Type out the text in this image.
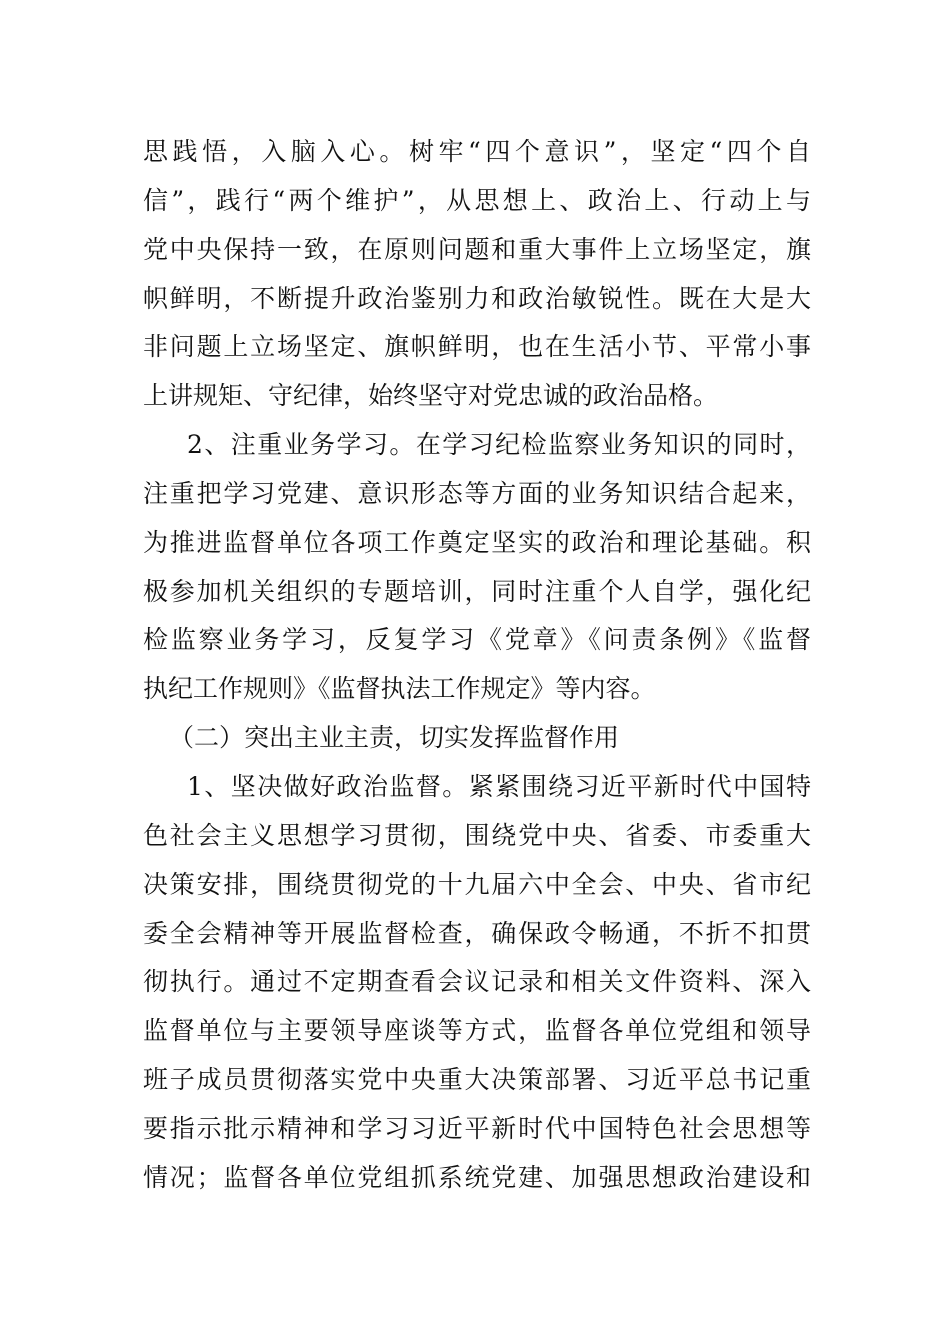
思践悟，入脑入心。树牢“四个意识”，坚定“四个自
信”，践行“两个维护”，从思想上、政治上、行动上与
党中央保持一致，在原则问题和重大事件上立场坚定，旗
帜鲜明，不断提升政治鉴别力和政治敏锐性。既在大是大
非问题上立场坚定、旗帜鲜明，也在生活小节、平常小事
上讲规矩、守纪律，始终坚守对党忠诚的政治品格。
2、注重业务学习。在学习纪检监察业务知识的同时，
注重把学习党建、意识形态等方面的业务知识结合起来，
为推进监督单位各项工作奠定坚实的政治和理论基础。积
极参加机关组织的专题培训，同时注重个人自学，强化纪
检监察业务学习，反复学习《党章》《问责条例》《监督
执纪工作规则》《监督执法工作规定》等内容。
（二）突出主业主责，切实发挥监督作用
1、坚决做好政治监督。紧紧围绕习近平新时代中国特
色社会主义思想学习贯彻，围绕党中央、省委、市委重大
决策安排，围绕贯彻党的十九届六中全会、中央、省市纪
委全会精神等开展监督检查，确保政令畅通，不折不扣贯
彻执行。通过不定期查看会议记录和相关文件资料、深入
监督单位与主要领导座谈等方式，监督各单位党组和领导
班子成员贯彻落实党中央重大决策部署、习近平总书记重
要指示批示精神和学习习近平新时代中国特色社会思想等
情况；监督各单位党组抓系统党建、加强思想政治建设和
